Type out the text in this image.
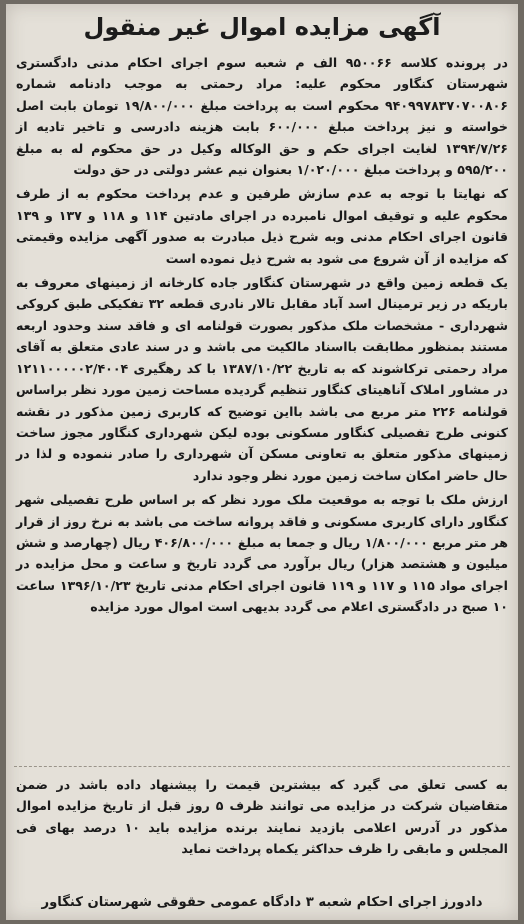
آگهی مزایده اموال غیر منقول

در پرونده کلاسه ۹۵۰۰۶۶ الف م شعبه سوم اجرای احکام مدنی دادگستری شهرستان کنگاور محکوم علیه: مراد رحمتی به موجب دادنامه شماره ۹۴۰۹۹۷۸۳۷۰۷۰۰۸۰۶ محکوم است به پرداخت مبلغ ۱۹/۸۰۰/۰۰۰ تومان بابت اصل خواسته و نیز پرداخت مبلغ ۶۰۰/۰۰۰ بابت هزینه دادرسی و تاخیر تادیه از ۱۳۹۴/۷/۲۶ لغایت اجرای حکم و حق الوکاله وکیل در حق محکوم له به مبلغ ۵۹۵/۲۰۰ و پرداخت مبلغ ۱/۰۲۰/۰۰۰ بعنوان نیم عشر دولتی در حق دولت

که نهایتا با توجه به عدم سازش طرفین و عدم پرداخت محکوم به از طرف محکوم علیه و توقیف اموال نامبرده در اجرای مادتین ۱۱۴ و ۱۱۸ و ۱۳۷ و ۱۳۹ قانون اجرای احکام مدنی وبه شرح ذیل مبادرت به صدور آگهی مزایده وقیمتی که مزایده از آن شروع می شود به شرح ذیل نموده است

یک قطعه زمین واقع در شهرستان کنگاور جاده کارخانه از زمینهای معروف به باریکه در زیر ترمینال اسد آباد مقابل تالار نادری قطعه ۳۲ تفکیکی طبق کروکی شهرداری - مشخصات ملک مذکور بصورت قولنامه ای و فاقد سند وحدود اربعه مستند بمنظور مطابقت بااسناد مالکیت می باشد و در سند عادی متعلق به آقای مراد رحمتی ترکاشوند که به تاریخ ۱۳۸۷/۱۰/۲۲ با کد رهگیری ۱۲۱۱۰۰۰۰۰۲/۴۰۰۴ در مشاور املاک آناهیتای کنگاور تنظیم گردیده مساحت زمین مورد نظر براساس قولنامه ۲۲۶ متر مربع می باشد بااین توضیح که کاربری زمین مذکور در نقشه کنونی طرح تفصیلی کنگاور مسکونی بوده لیکن شهرداری کنگاور مجوز ساخت زمینهای مذکور متعلق به تعاونی مسکن آن شهرداری را صادر ننموده و لذا در حال حاضر امکان ساخت زمین مورد نظر وجود ندارد

ارزش ملک با توجه به موقعیت ملک مورد نظر که بر اساس طرح تفصیلی شهر کنگاور دارای کاربری مسکونی و فاقد پروانه ساخت می باشد به نرخ روز از قرار هر متر مربع ۱/۸۰۰/۰۰۰ ریال و جمعا به مبلغ ۴۰۶/۸۰۰/۰۰۰ ریال (چهارصد و شش میلیون و هشتصد هزار) ریال برآورد می گردد تاریخ و ساعت و محل مزایده در اجرای مواد ۱۱۵ و ۱۱۷ و ۱۱۹ قانون اجرای احکام مدنی تاریخ ۱۳۹۶/۱۰/۲۳ ساعت ۱۰ صبح در دادگستری اعلام می گردد بدیهی است اموال مورد مزایده

به کسی تعلق می گیرد که بیشترین قیمت را پیشنهاد داده باشد در ضمن متقاضیان شرکت در مزایده می توانند ظرف ۵ روز قبل از تاریخ مزایده اموال مذکور در آدرس اعلامی بازدید نمایند برنده مزایده باید ۱۰ درصد بهای فی المجلس و مابقی را ظرف حداکثر یکماه پرداخت نماید

دادورز اجرای احکام شعبه ۳ دادگاه عمومی حقوقی شهرستان کنگاور
